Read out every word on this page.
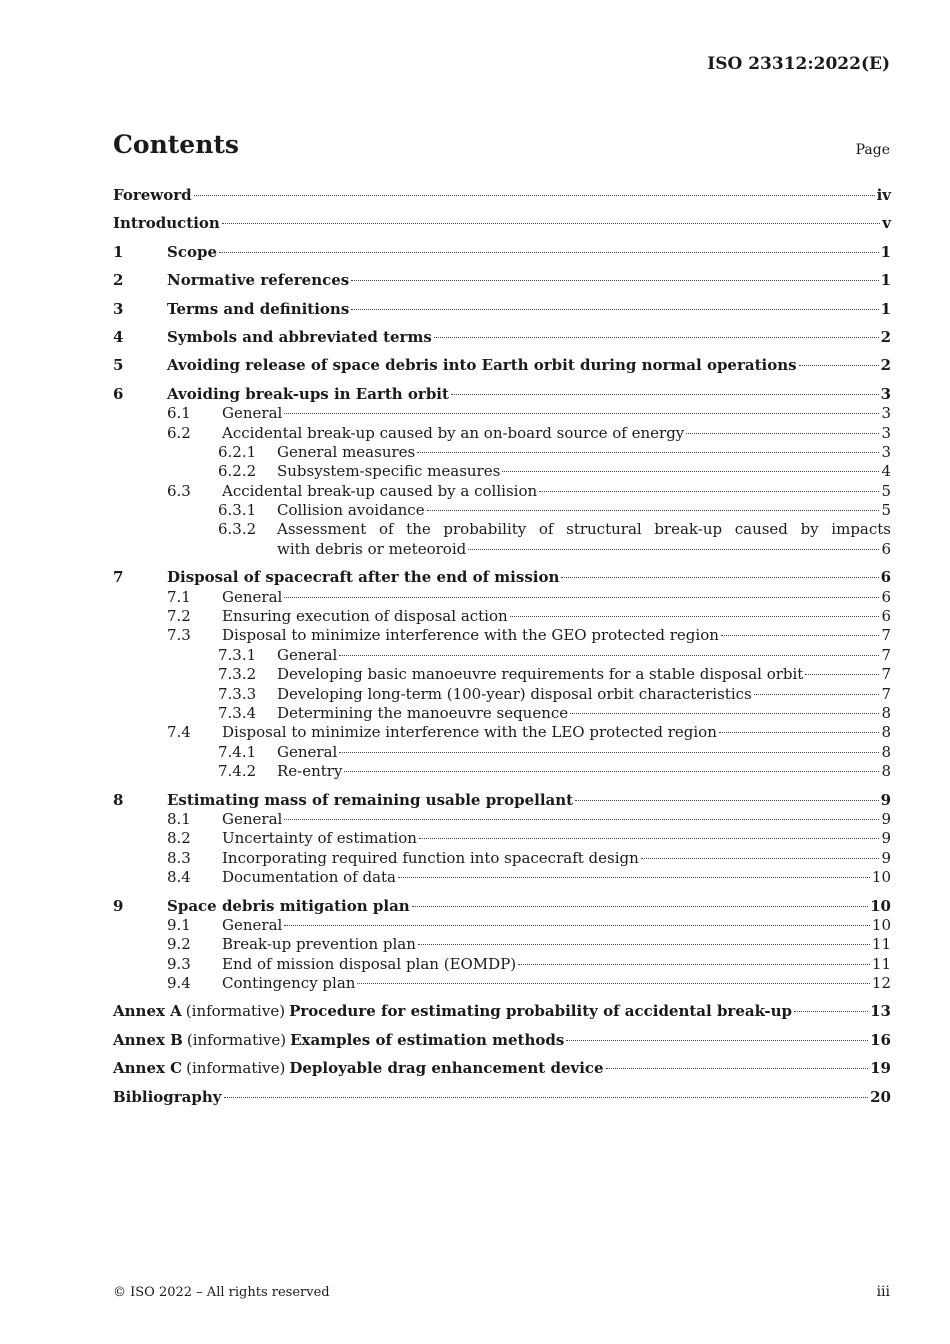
ISO 23312:2022(E)
Contents	Page
Foreword	iv
Introduction	v
1	Scope	1
2	Normative references	1
3	Terms and definitions	1
4	Symbols and abbreviated terms	2
5	Avoiding release of space debris into Earth orbit during normal operations	2
6	Avoiding break-ups in Earth orbit	3
6.1	General	3
6.2	Accidental break-up caused by an on-board source of energy	3
6.2.1	General measures	3
6.2.2	Subsystem-specific measures	4
6.3	Accidental break-up caused by a collision	5
6.3.1	Collision avoidance	5
6.3.2	Assessment of the probability of structural break-up caused by impacts
with debris or meteoroid	6
7	Disposal of spacecraft after the end of mission	6
7.1	General	6
7.2	Ensuring execution of disposal action	6
7.3	Disposal to minimize interference with the GEO protected region	7
7.3.1	General	7
7.3.2	Developing basic manoeuvre requirements for a stable disposal orbit	7
7.3.3	Developing long-term (100-year) disposal orbit characteristics	7
7.3.4	Determining the manoeuvre sequence	8
7.4	Disposal to minimize interference with the LEO protected region	8
7.4.1	General	8
7.4.2	Re-entry	8
8	Estimating mass of remaining usable propellant	9
8.1	General	9
8.2	Uncertainty of estimation	9
8.3	Incorporating required function into spacecraft design	9
8.4	Documentation of data	10
9	Space debris mitigation plan	10
9.1	General	10
9.2	Break-up prevention plan	11
9.3	End of mission disposal plan (EOMDP)	11
9.4	Contingency plan	12
Annex A (informative) Procedure for estimating probability of accidental break-up	13
Annex B (informative) Examples of estimation methods	16
Annex C (informative) Deployable drag enhancement device	19
Bibliography	20
© ISO 2022 – All rights reserved	iii
